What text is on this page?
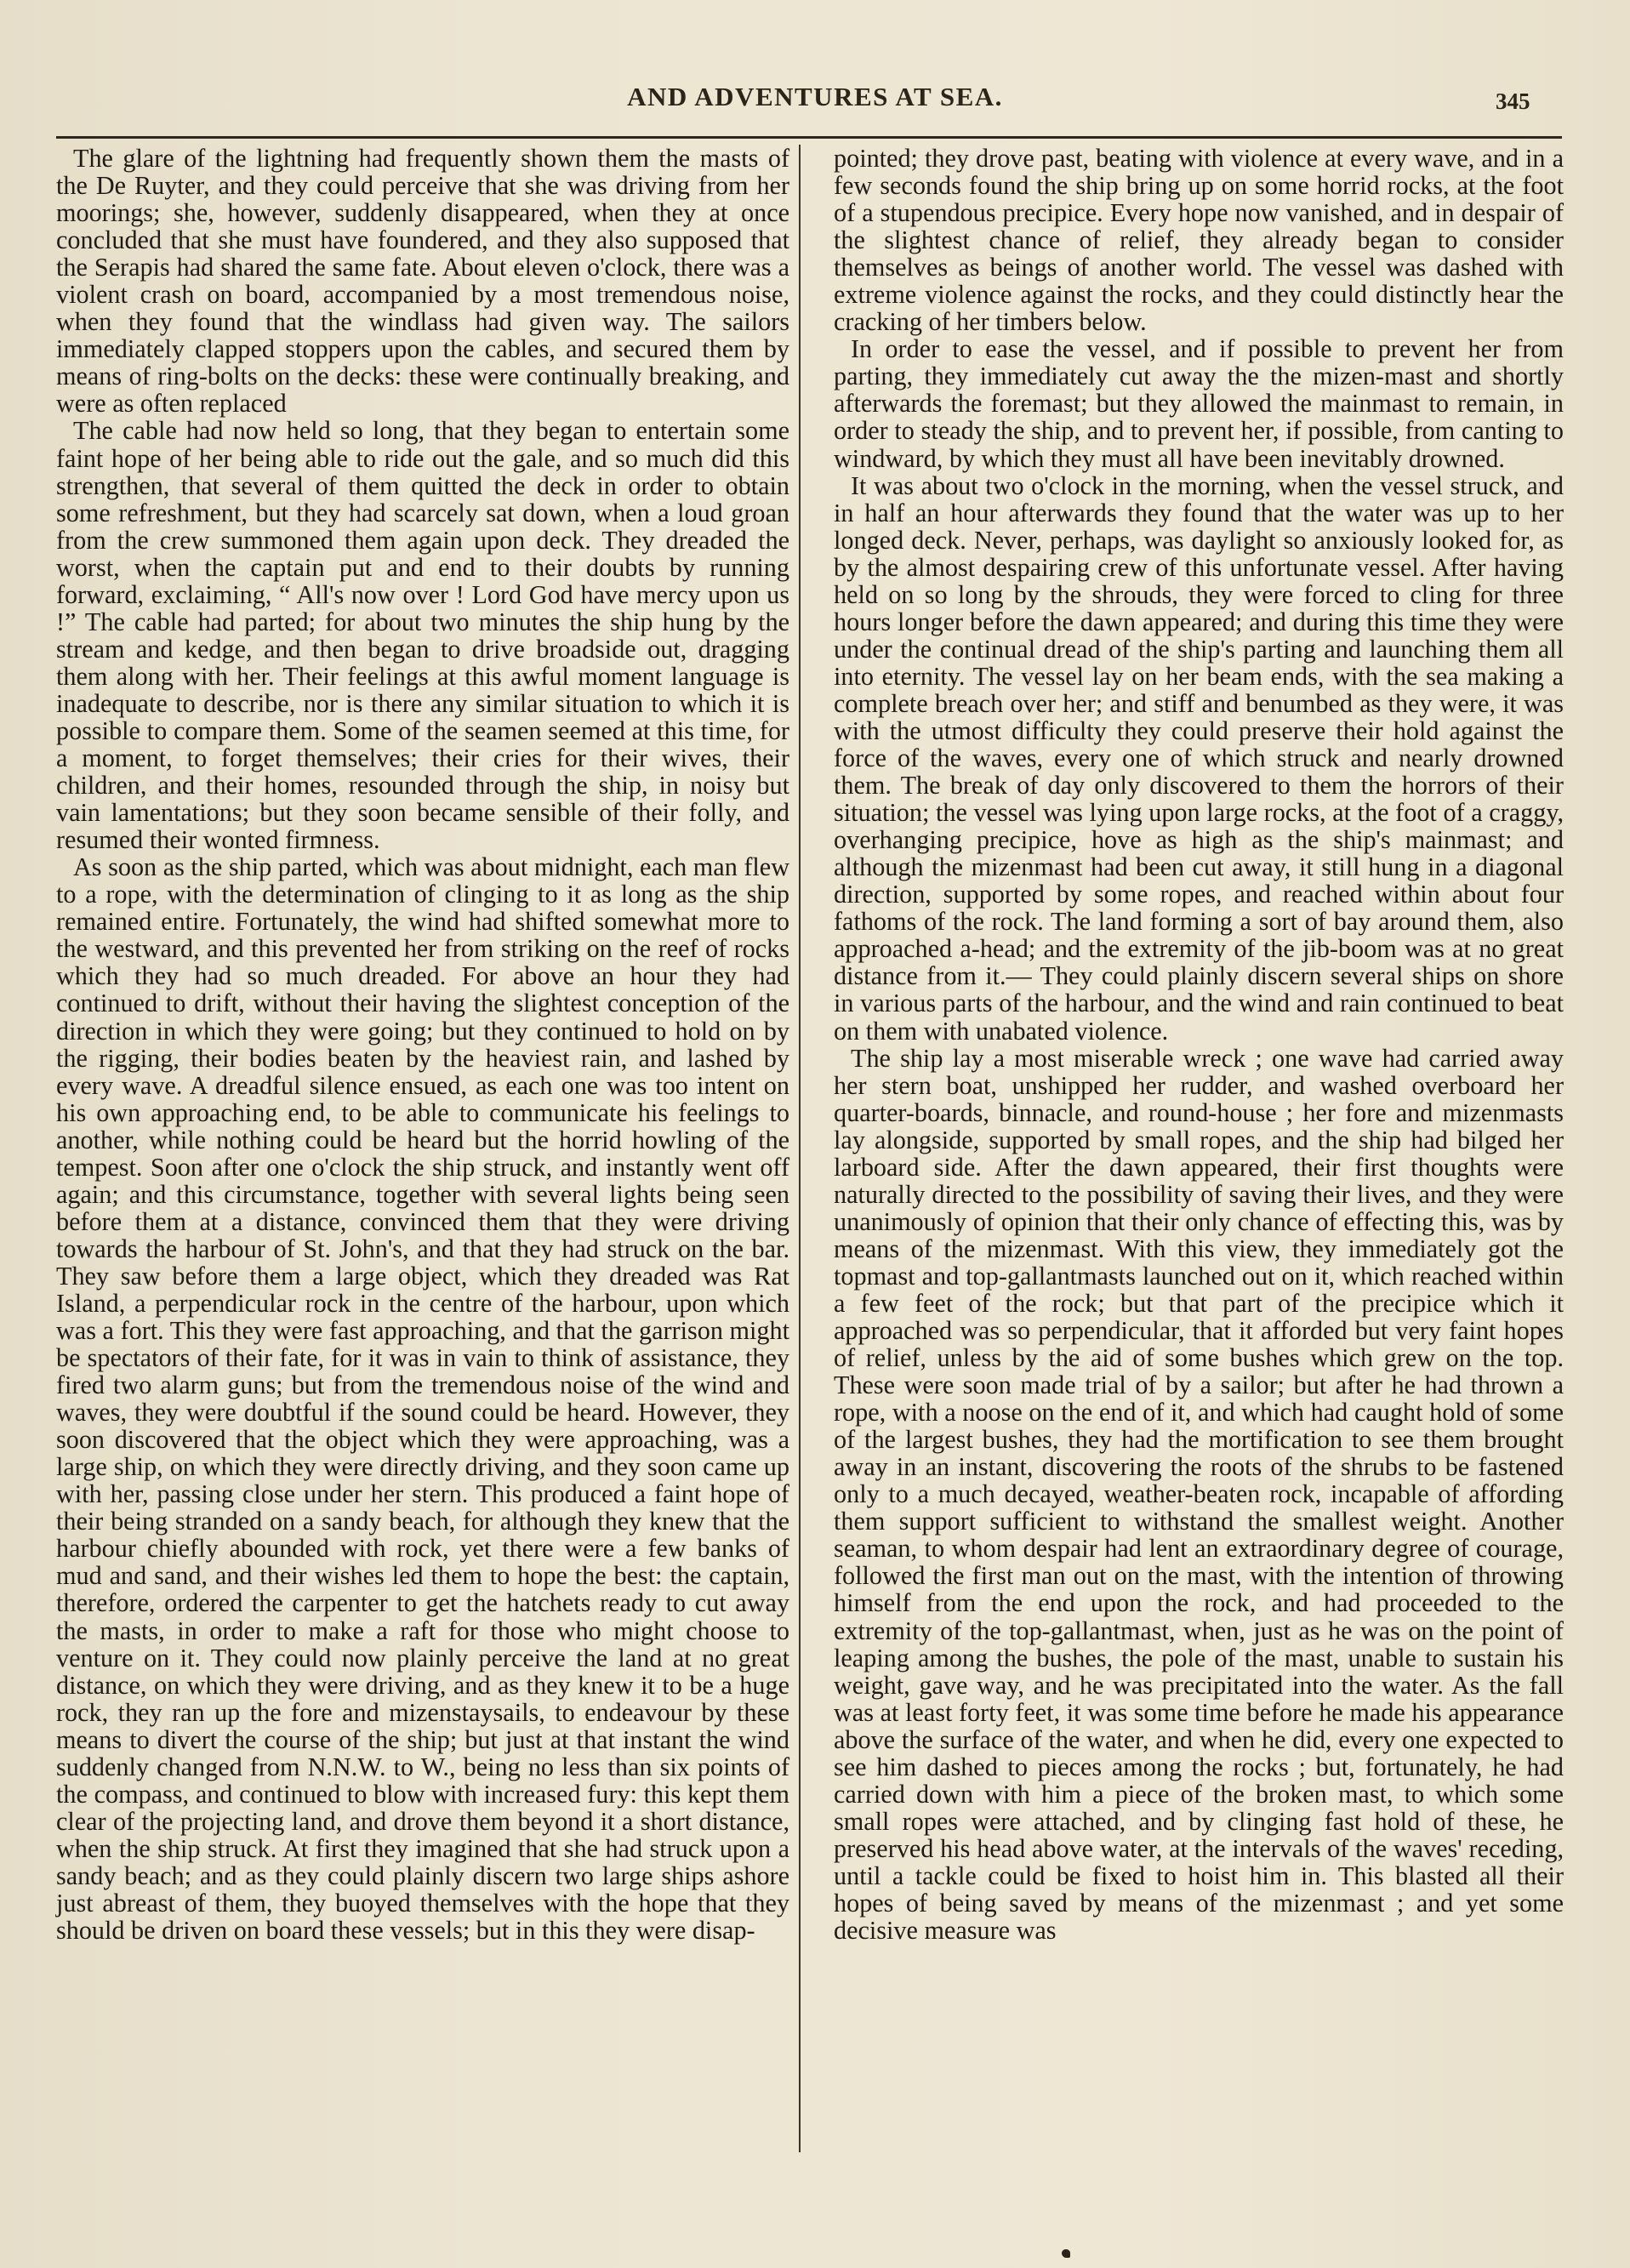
AND ADVENTURES AT SEA.	345

The glare of the lightning had frequently shown them the masts of the De Ruyter, and they could perceive that she was driving from her moorings; she, however, suddenly disappeared, when they at once concluded that she must have foundered, and they also supposed that the Serapis had shared the same fate. About eleven o'clock, there was a violent crash on board, accompanied by a most tremendous noise, when they found that the windlass had given way. The sailors immediately clapped stoppers upon the cables, and secured them by means of ring-bolts on the decks: these were continually breaking, and were as often replaced

The cable had now held so long, that they began to entertain some faint hope of her being able to ride out the gale, and so much did this strengthen, that several of them quitted the deck in order to obtain some refreshment, but they had scarcely sat down, when a loud groan from the crew summoned them again upon deck. They dreaded the worst, when the captain put and end to their doubts by running forward, exclaiming, “ All's now over ! Lord God have mercy upon us !” The cable had parted; for about two minutes the ship hung by the stream and kedge, and then began to drive broadside out, dragging them along with her. Their feelings at this awful moment language is inadequate to describe, nor is there any similar situation to which it is possible to compare them. Some of the seamen seemed at this time, for a moment, to forget themselves; their cries for their wives, their children, and their homes, resounded through the ship, in noisy but vain lamentations; but they soon became sensible of their folly, and resumed their wonted firmness.

As soon as the ship parted, which was about midnight, each man flew to a rope, with the determination of clinging to it as long as the ship remained entire. Fortunately, the wind had shifted somewhat more to the westward, and this prevented her from striking on the reef of rocks which they had so much dreaded. For above an hour they had continued to drift, without their having the slightest conception of the direction in which they were going; but they continued to hold on by the rigging, their bodies beaten by the heaviest rain, and lashed by every wave. A dreadful silence ensued, as each one was too intent on his own approaching end, to be able to communicate his feelings to another, while nothing could be heard but the horrid howling of the tempest. Soon after one o'clock the ship struck, and instantly went off again; and this circumstance, together with several lights being seen before them at a distance, convinced them that they were driving towards the harbour of St. John's, and that they had struck on the bar. They saw before them a large object, which they dreaded was Rat Island, a perpendicular rock in the centre of the harbour, upon which was a fort. This they were fast approaching, and that the garrison might be spectators of their fate, for it was in vain to think of assistance, they fired two alarm guns; but from the tremendous noise of the wind and waves, they were doubtful if the sound could be heard. However, they soon discovered that the object which they were approaching, was a large ship, on which they were directly driving, and they soon came up with her, passing close under her stern. This produced a faint hope of their being stranded on a sandy beach, for although they knew that the harbour chiefly abounded with rock, yet there were a few banks of mud and sand, and their wishes led them to hope the best: the captain, therefore, ordered the carpenter to get the hatchets ready to cut away the masts, in order to make a raft for those who might choose to venture on it. They could now plainly perceive the land at no great distance, on which they were driving, and as they knew it to be a huge rock, they ran up the fore and mizenstaysails, to endeavour by these means to divert the course of the ship; but just at that instant the wind suddenly changed from N.N.W. to W., being no less than six points of the compass, and continued to blow with increased fury: this kept them clear of the projecting land, and drove them beyond it a short distance, when the ship struck. At first they imagined that she had struck upon a sandy beach; and as they could plainly discern two large ships ashore just abreast of them, they buoyed themselves with the hope that they should be driven on board these vessels; but in this they were disap-

pointed; they drove past, beating with violence at every wave, and in a few seconds found the ship bring up on some horrid rocks, at the foot of a stupendous precipice. Every hope now vanished, and in despair of the slightest chance of relief, they already began to consider themselves as beings of another world. The vessel was dashed with extreme violence against the rocks, and they could distinctly hear the cracking of her timbers below.

In order to ease the vessel, and if possible to prevent her from parting, they immediately cut away the the mizen-mast and shortly afterwards the foremast; but they allowed the mainmast to remain, in order to steady the ship, and to prevent her, if possible, from canting to windward, by which they must all have been inevitably drowned.

It was about two o'clock in the morning, when the vessel struck, and in half an hour afterwards they found that the water was up to her longed deck. Never, perhaps, was daylight so anxiously looked for, as by the almost despairing crew of this unfortunate vessel. After having held on so long by the shrouds, they were forced to cling for three hours longer before the dawn appeared; and during this time they were under the continual dread of the ship's parting and launching them all into eternity. The vessel lay on her beam ends, with the sea making a complete breach over her; and stiff and benumbed as they were, it was with the utmost difficulty they could preserve their hold against the force of the waves, every one of which struck and nearly drowned them. The break of day only discovered to them the horrors of their situation; the vessel was lying upon large rocks, at the foot of a craggy, overhanging precipice, hove as high as the ship's mainmast; and although the mizenmast had been cut away, it still hung in a diagonal direction, supported by some ropes, and reached within about four fathoms of the rock. The land forming a sort of bay around them, also approached a-head; and the extremity of the jib-boom was at no great distance from it.— They could plainly discern several ships on shore in various parts of the harbour, and the wind and rain continued to beat on them with unabated violence.

The ship lay a most miserable wreck ; one wave had carried away her stern boat, unshipped her rudder, and washed overboard her quarter-boards, binnacle, and round-house ; her fore and mizenmasts lay alongside, supported by small ropes, and the ship had bilged her larboard side. After the dawn appeared, their first thoughts were naturally directed to the possibility of saving their lives, and they were unanimously of opinion that their only chance of effecting this, was by means of the mizenmast. With this view, they immediately got the topmast and top-gallantmasts launched out on it, which reached within a few feet of the rock; but that part of the precipice which it approached was so perpendicular, that it afforded but very faint hopes of relief, unless by the aid of some bushes which grew on the top. These were soon made trial of by a sailor; but after he had thrown a rope, with a noose on the end of it, and which had caught hold of some of the largest bushes, they had the mortification to see them brought away in an instant, discovering the roots of the shrubs to be fastened only to a much decayed, weather-beaten rock, incapable of affording them support sufficient to withstand the smallest weight. Another seaman, to whom despair had lent an extraordinary degree of courage, followed the first man out on the mast, with the intention of throwing himself from the end upon the rock, and had proceeded to the extremity of the top-gallantmast, when, just as he was on the point of leaping among the bushes, the pole of the mast, unable to sustain his weight, gave way, and he was precipitated into the water. As the fall was at least forty feet, it was some time before he made his appearance above the surface of the water, and when he did, every one expected to see him dashed to pieces among the rocks ; but, fortunately, he had carried down with him a piece of the broken mast, to which some small ropes were attached, and by clinging fast hold of these, he preserved his head above water, at the intervals of the waves' receding, until a tackle could be fixed to hoist him in. This blasted all their hopes of being saved by means of the mizenmast ; and yet some decisive measure was
